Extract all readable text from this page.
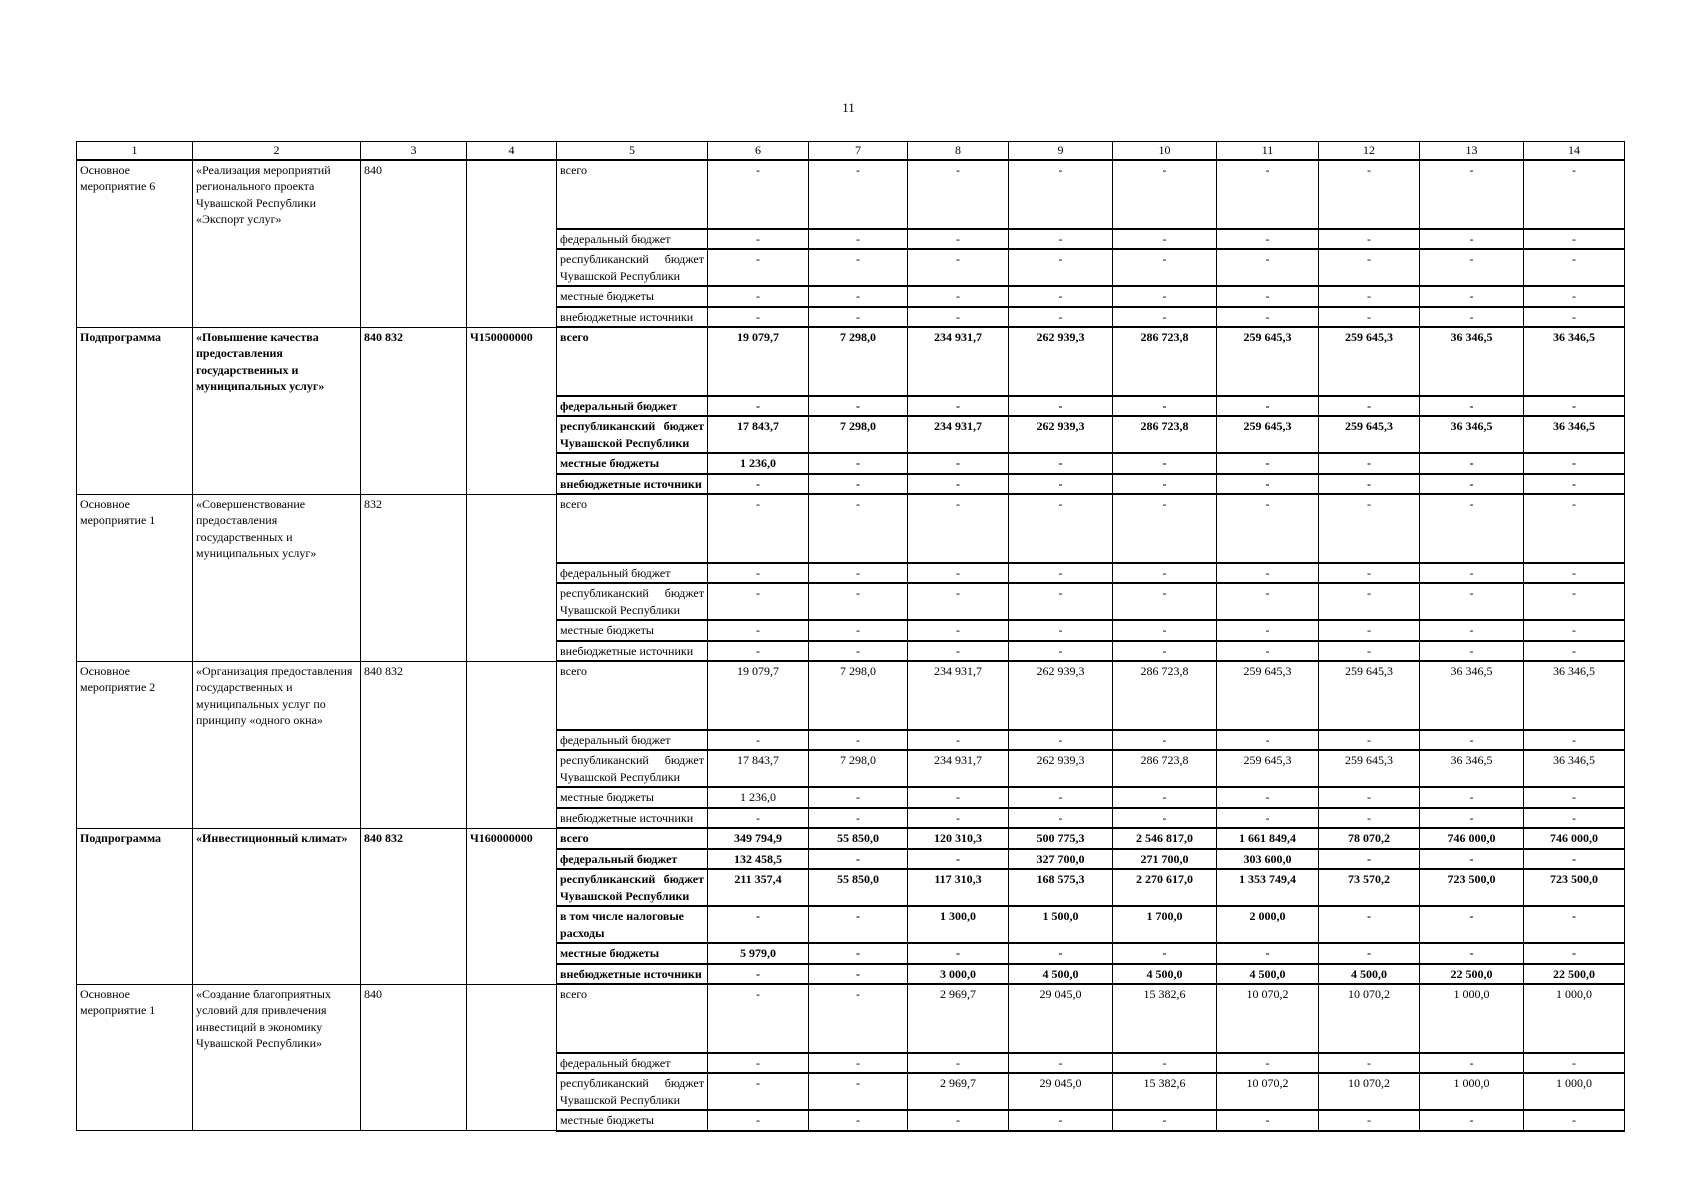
11
1	2	3	4	5	6	7	8	9	10	11	12	13	14
Основное мероприятие 6	«Реализация мероприятий регионального проекта Чувашской Республики «Экспорт услуг»	840		всего	-	-	-	-	-	-	-	-	-
				федеральный бюджет	-	-	-	-	-	-	-	-	-
				республиканский бюджет Чувашской Республики	-	-	-	-	-	-	-	-	-
				местные бюджеты	-	-	-	-	-	-	-	-	-
				внебюджетные источники	-	-	-	-	-	-	-	-	-
Подпрограмма	«Повышение качества предоставления государственных и муниципальных услуг»	840 832	Ч150000000	всего	19 079,7	7 298,0	234 931,7	262 939,3	286 723,8	259 645,3	259 645,3	36 346,5	36 346,5
				федеральный бюджет	-	-	-	-	-	-	-	-	-
				республиканский бюджет Чувашской Республики	17 843,7	7 298,0	234 931,7	262 939,3	286 723,8	259 645,3	259 645,3	36 346,5	36 346,5
				местные бюджеты	1 236,0	-	-	-	-	-	-	-	-
				внебюджетные источники	-	-	-	-	-	-	-	-	-
Основное мероприятие 1	«Совершенствование предоставления государственных и муниципальных услуг»	832		всего	-	-	-	-	-	-	-	-	-
				федеральный бюджет	-	-	-	-	-	-	-	-	-
				республиканский бюджет Чувашской Республики	-	-	-	-	-	-	-	-	-
				местные бюджеты	-	-	-	-	-	-	-	-	-
				внебюджетные источники	-	-	-	-	-	-	-	-	-
Основное мероприятие 2	«Организация предоставления государственных и муниципальных услуг по принципу «одного окна»	840 832		всего	19 079,7	7 298,0	234 931,7	262 939,3	286 723,8	259 645,3	259 645,3	36 346,5	36 346,5
				федеральный бюджет	-	-	-	-	-	-	-	-	-
				республиканский бюджет Чувашской Республики	17 843,7	7 298,0	234 931,7	262 939,3	286 723,8	259 645,3	259 645,3	36 346,5	36 346,5
				местные бюджеты	1 236,0	-	-	-	-	-	-	-	-
				внебюджетные источники	-	-	-	-	-	-	-	-	-
Подпрограмма	«Инвестиционный климат»	840 832	Ч160000000	всего	349 794,9	55 850,0	120 310,3	500 775,3	2 546 817,0	1 661 849,4	78 070,2	746 000,0	746 000,0
				федеральный бюджет	132 458,5	-	-	327 700,0	271 700,0	303 600,0	-	-	-
				республиканский бюджет Чувашской Республики	211 357,4	55 850,0	117 310,3	168 575,3	2 270 617,0	1 353 749,4	73 570,2	723 500,0	723 500,0
				в том числе налоговые расходы	-	-	1 300,0	1 500,0	1 700,0	2 000,0	-	-	-
				местные бюджеты	5 979,0	-	-	-	-	-	-	-	-
				внебюджетные источники	-	-	3 000,0	4 500,0	4 500,0	4 500,0	4 500,0	22 500,0	22 500,0
Основное мероприятие 1	«Создание благоприятных условий для привлечения инвестиций в экономику Чувашской Республики»	840		всего	-	-	2 969,7	29 045,0	15 382,6	10 070,2	10 070,2	1 000,0	1 000,0
				федеральный бюджет	-	-	-	-	-	-	-	-	-
				республиканский бюджет Чувашской Республики	-	-	2 969,7	29 045,0	15 382,6	10 070,2	10 070,2	1 000,0	1 000,0
				местные бюджеты	-	-	-	-	-	-	-	-	-
